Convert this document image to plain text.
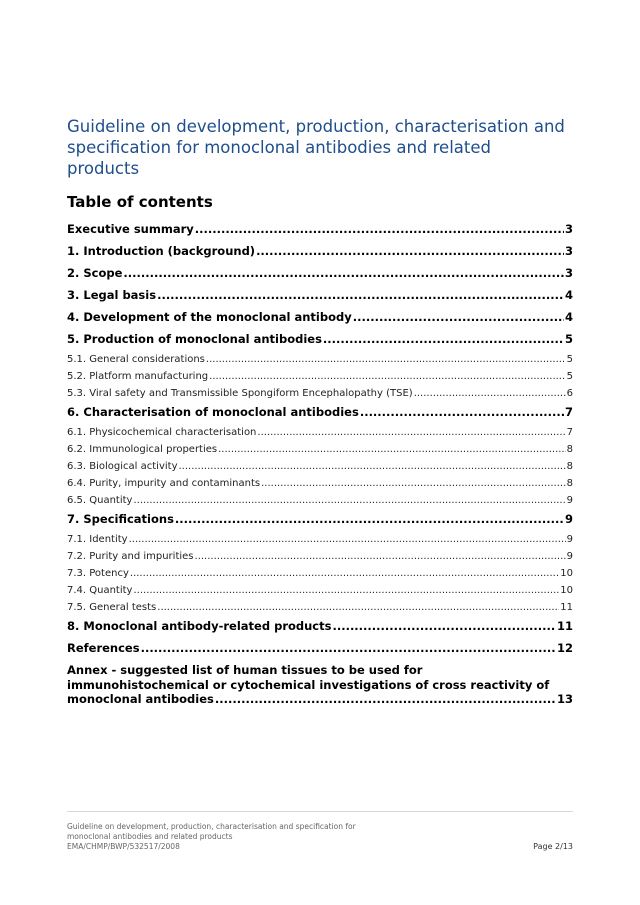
Guideline on development, production, characterisation and specification for monoclonal antibodies and related products
Table of contents
Executive summary .....	3
1. Introduction (background) .....	3
2. Scope .....	3
3. Legal basis .....	4
4. Development of the monoclonal antibody .....	4
5. Production of monoclonal antibodies .....	5
5.1. General considerations .....	5
5.2. Platform manufacturing .....	5
5.3. Viral safety and Transmissible Spongiform Encephalopathy (TSE) .....	6
6. Characterisation of monoclonal antibodies .....	7
6.1. Physicochemical characterisation .....	7
6.2. Immunological properties .....	8
6.3. Biological activity .....	8
6.4. Purity, impurity and contaminants .....	8
6.5. Quantity .....	9
7. Specifications .....	9
7.1. Identity .....	9
7.2. Purity and impurities .....	9
7.3. Potency .....	10
7.4. Quantity .....	10
7.5. General tests .....	11
8. Monoclonal antibody-related products .....	11
References .....	12
Annex - suggested list of human tissues to be used for
immunohistochemical or cytochemical investigations of cross reactivity of
monoclonal antibodies .....	13
Guideline on development, production, characterisation and specification for
monoclonal antibodies and related products
EMA/CHMP/BWP/532517/2008	Page 2/13
